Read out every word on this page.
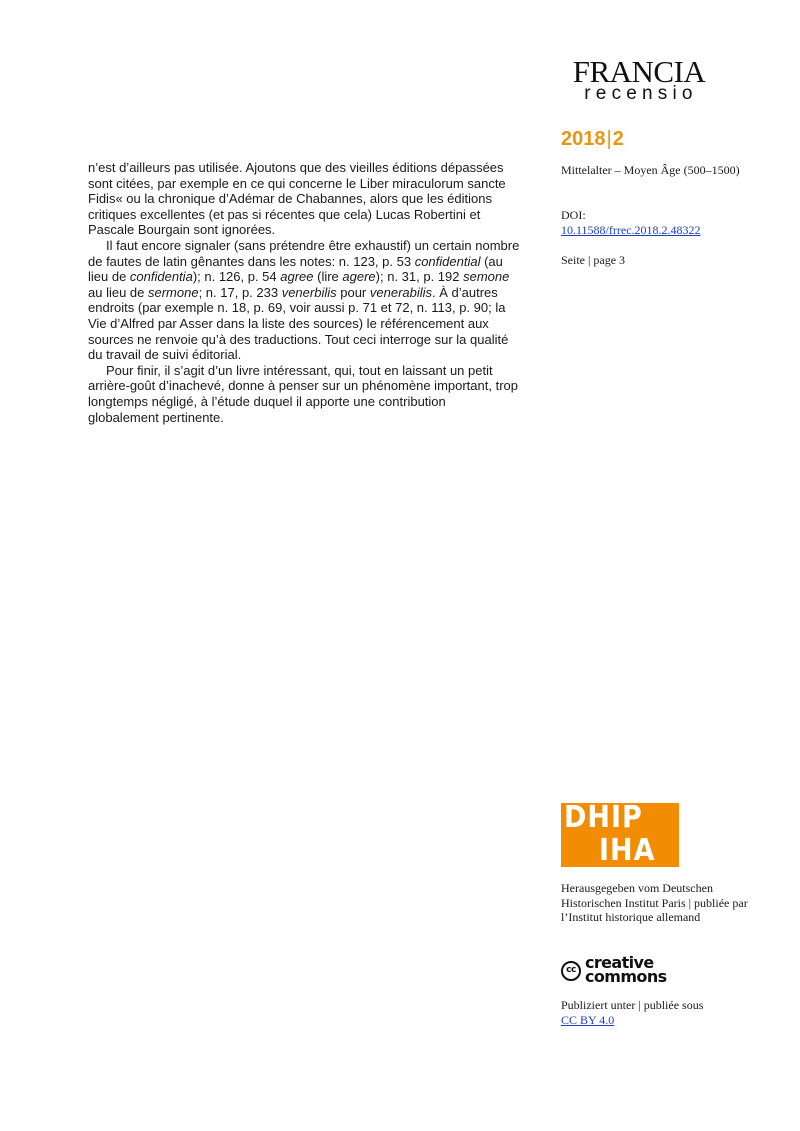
FRANCIA
recensio
2018|2
Mittelalter – Moyen Âge (500–1500)
DOI:
10.11588/frrec.2018.2.48322
Seite | page 3

n’est d’ailleurs pas utilisée. Ajoutons que des vieilles éditions dépassées sont citées, par exemple en ce qui concerne le Liber miraculorum sancte Fidis« ou la chronique d’Adémar de Chabannes, alors que les éditions critiques excellentes (et pas si récentes que cela) Lucas Robertini et Pascale Bourgain sont ignorées.

Il faut encore signaler (sans prétendre être exhaustif) un certain nombre de fautes de latin gênantes dans les notes: n. 123, p. 53 confidential (au lieu de confidentia); n. 126, p. 54 agree (lire agere); n. 31, p. 192 semone au lieu de sermone; n. 17, p. 233 venerbilis pour venerabilis. À d’autres endroits (par exemple n. 18, p. 69, voir aussi p. 71 et 72, n. 113, p. 90; la Vie d’Alfred par Asser dans la liste des sources) le référencement aux sources ne renvoie qu’à des traductions. Tout ceci interroge sur la qualité du travail de suivi éditorial.

Pour finir, il s’agit d’un livre intéressant, qui, tout en laissant un petit arrière-goût d’inachevé, donne à penser sur un phénomène important, trop longtemps négligé, à l’étude duquel il apporte une contribution globalement pertinente.

DHIP
IHA
Herausgegeben vom Deutschen Historischen Institut Paris | publiée par l’Institut historique allemand
cc creative
commons
Publiziert unter | publiée sous
CC BY 4.0
